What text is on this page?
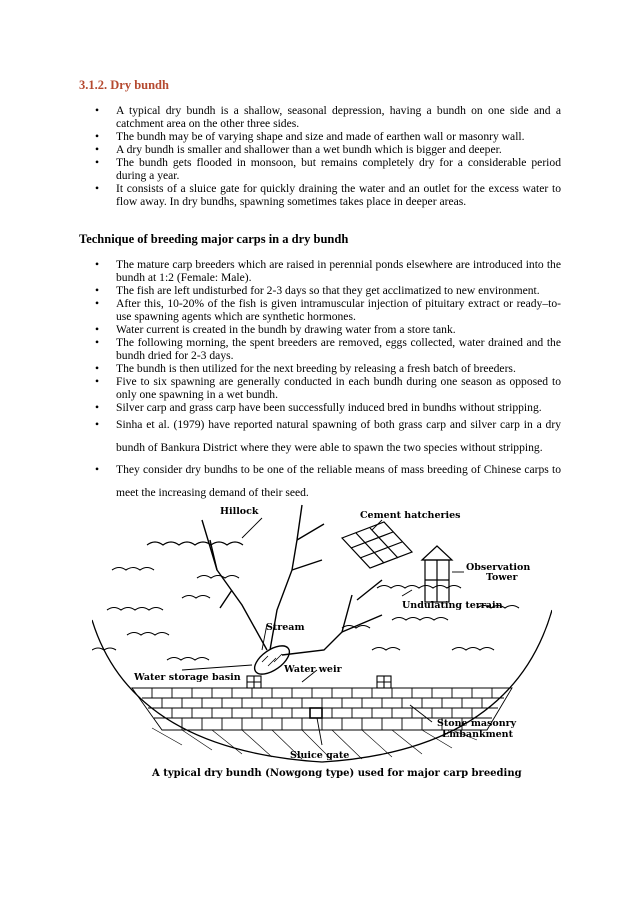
3.1.2. Dry bundh
• A typical dry bundh is a shallow, seasonal depression, having a bundh on one side and a catchment area on the other three sides.
• The bundh may be of varying shape and size and made of earthen wall or masonry wall.
• A dry bundh is smaller and shallower than a wet bundh which is bigger and deeper.
• The bundh gets flooded in monsoon, but remains completely dry for a considerable period during a year.
• It consists of a sluice gate for quickly draining the water and an outlet for the excess water to flow away. In dry bundhs, spawning sometimes takes place in deeper areas.
Technique of breeding major carps in a dry bundh
• The mature carp breeders which are raised in perennial ponds elsewhere are introduced into the bundh at 1:2 (Female: Male).
• The fish are left undisturbed for 2-3 days so that they get acclimatized to new environment.
• After this, 10-20% of the fish is given intramuscular injection of pituitary extract or ready–to-use spawning agents which are synthetic hormones.
• Water current is created in the bundh by drawing water from a store tank.
• The following morning, the spent breeders are removed, eggs collected, water drained and the bundh dried for 2-3 days.
• The bundh is then utilized for the next breeding by releasing a fresh batch of breeders.
• Five to six spawning are generally conducted in each bundh during one season as opposed to only one spawning in a wet bundh.
• Silver carp and grass carp have been successfully induced bred in bundhs without stripping.
• Sinha et al. (1979) have reported natural spawning of both grass carp and silver carp in a dry bundh of Bankura District where they were able to spawn the two species without stripping.
• They consider dry bundhs to be one of the reliable means of mass breeding of Chinese carps to meet the increasing demand of their seed.
Hillock	Cement hatcheries
Observation
Tower
Undulating terrain
Stream
Water storage basin
Water weir
Stone masonry
Embankment
Sluice gate
A typical dry bundh (Nowgong type) used for major carp breeding
